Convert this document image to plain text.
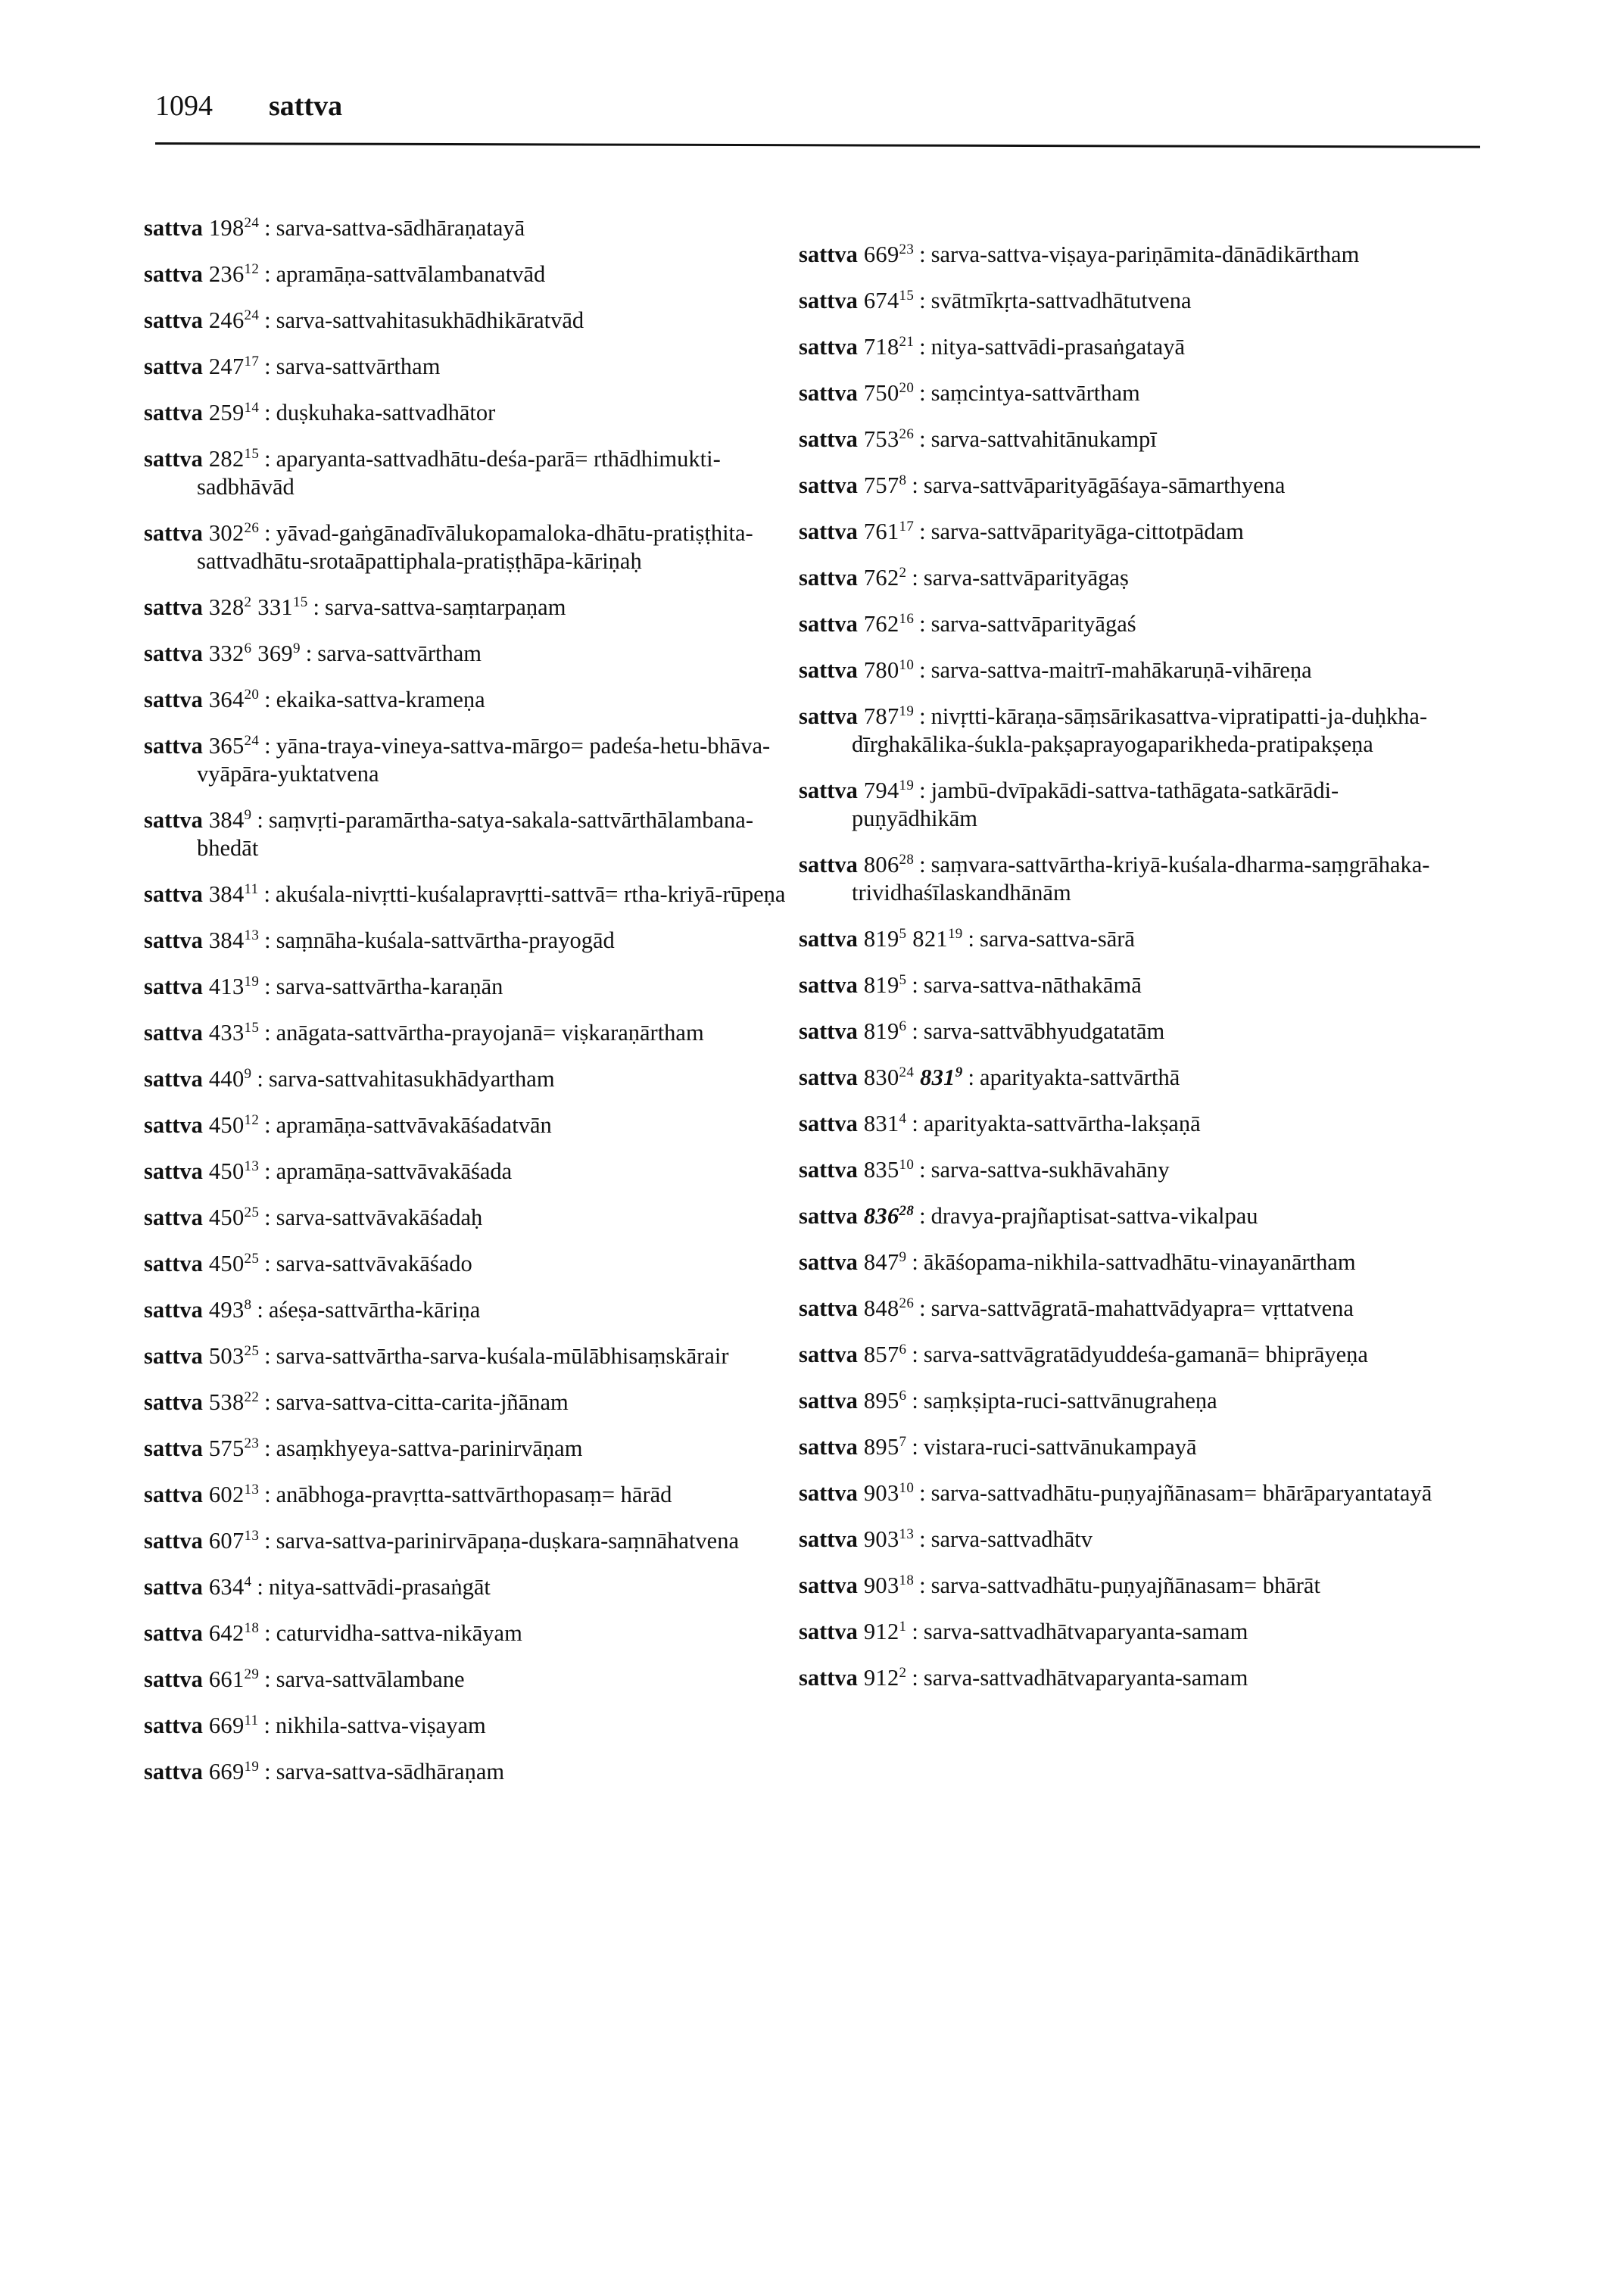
1094 sattva
sattva $198^{24}$ : sarva-sattva-sādhāraṇatayā
sattva $236^{12}$ : apramāṇa-sattvālambanatvād
sattva $246^{24}$ : sarva-sattvahitasukhādhikāratvād
sattva $247^{17}$ : sarva-sattvārtham
sattva $259^{14}$ : duṣkuhaka-sattvadhātor
sattva $282^{15}$ : aparyanta-sattvadhātu-deśa-parā= rthādhimukti-sadbhāvād
sattva $302^{26}$ : yāvad-gaṅgānadīvālukopamaloka-dhātu-pratiṣṭhita-sattvadhātu-srotaāpattiphala-pratiṣṭhāpa-kāriṇaḥ
sattva $328^2$ $331^{15}$ : sarva-sattva-saṃtarpaṇam
sattva $332^6$ $369^9$ : sarva-sattvārtham
sattva $364^{20}$ : ekaika-sattva-krameṇa
sattva $365^{24}$ : yāna-traya-vineya-sattva-mārgo= padeśa-hetu-bhāva-vyāpāra-yuktatvena
sattva $384^9$ : saṃvṛti-paramārtha-satya-sakala-sattvārthālambana-bhedāt
sattva $384^{11}$ : akuśala-nivṛtti-kuśalapravṛtti-sattvā= rtha-kriyā-rūpeṇa
sattva $384^{13}$ : saṃnāha-kuśala-sattvārtha-prayogād
sattva $413^{19}$ : sarva-sattvārtha-karaṇān
sattva $433^{15}$ : anāgata-sattvārtha-prayojanā= viṣkaraṇārtham
sattva $440^9$ : sarva-sattvahitasukhādyartham
sattva $450^{12}$ : apramāṇa-sattvāvakāśadatvān
sattva $450^{13}$ : apramāṇa-sattvāvakāśada
sattva $450^{25}$ : sarva-sattvāvakāśadaḥ
sattva $450^{25}$ : sarva-sattvāvakāśado
sattva $493^8$ : aśeṣa-sattvārtha-kāriṇa
sattva $503^{25}$ : sarva-sattvārtha-sarva-kuśala-mūlābhisaṃskārair
sattva $538^{22}$ : sarva-sattva-citta-carita-jñānam
sattva $575^{23}$ : asaṃkhyeya-sattva-parinirvāṇam
sattva $602^{13}$ : anābhoga-pravṛtta-sattvārthopasaṃ= hārād
sattva $607^{13}$ : sarva-sattva-parinirvāpaṇa-duṣkara-saṃnāhatvena
sattva $634^4$ : nitya-sattvādi-prasaṅgāt
sattva $642^{18}$ : caturvidha-sattva-nikāyam
sattva $661^{29}$ : sarva-sattvālambane
sattva $669^{11}$ : nikhila-sattva-viṣayam
sattva $669^{19}$ : sarva-sattva-sādhāraṇam
sattva $669^{23}$ : sarva-sattva-viṣaya-pariṇāmita-dānādikārtham
sattva $674^{15}$ : svātmīkṛta-sattvadhātutvena
sattva $718^{21}$ : nitya-sattvādi-prasaṅgatayā
sattva $750^{20}$ : saṃcintya-sattvārtham
sattva $753^{26}$ : sarva-sattvahitānukampī
sattva $757^8$ : sarva-sattvāparityāgāśaya-sāmarthyena
sattva $761^{17}$ : sarva-sattvāparityāga-cittotpādam
sattva $762^2$ : sarva-sattvāparityāgaṣ
sattva $762^{16}$ : sarva-sattvāparityāgaś
sattva $780^{10}$ : sarva-sattva-maitrī-mahākaruṇā-vihāreṇa
sattva $787^{19}$ : nivṛtti-kāraṇa-sāṃsārikasattva-vipratipatti-ja-duḥkha-dīrghakālika-śukla-pakṣaprayogaparikheda-pratipakṣeṇa
sattva $794^{19}$ : jambū-dvīpakādi-sattva-tathāgata-satkārādi-puṇyādhikām
sattva $806^{28}$ : saṃvara-sattvārtha-kriyā-kuśala-dharma-saṃgrāhaka-trividhaśīlaskandhānām
sattva $819^5$ $821^{19}$ : sarva-sattva-sārā
sattva $819^5$ : sarva-sattva-nāthakāmā
sattva $819^6$ : sarva-sattvābhyudgatatām
sattva $830^{24}$ $831^9$ : aparityakta-sattvārthā
sattva $831^4$ : aparityakta-sattvārtha-lakṣaṇā
sattva $835^{10}$ : sarva-sattva-sukhāvahāny
sattva $836^{28}$ : dravya-prajñaptisat-sattva-vikalpau
sattva $847^9$ : ākāśopama-nikhila-sattvadhātu-vinayanārtham
sattva $848^{26}$ : sarva-sattvāgratā-mahattvādyapra= vṛttatvena
sattva $857^6$ : sarva-sattvāgratādyuddeśa-gamanā= bhiprāyeṇa
sattva $895^6$ : saṃkṣipta-ruci-sattvānugraheṇa
sattva $895^7$ : vistara-ruci-sattvānukampayā
sattva $903^{10}$ : sarva-sattvadhātu-puṇyajñānasam= bhārāparyantatayā
sattva $903^{13}$ : sarva-sattvadhātv
sattva $903^{18}$ : sarva-sattvadhātu-puṇyajñānasam= bhārāt
sattva $912^1$ : sarva-sattvadhātvaparyanta-samam
sattva $912^2$ : sarva-sattvadhātvaparyanta-samam
